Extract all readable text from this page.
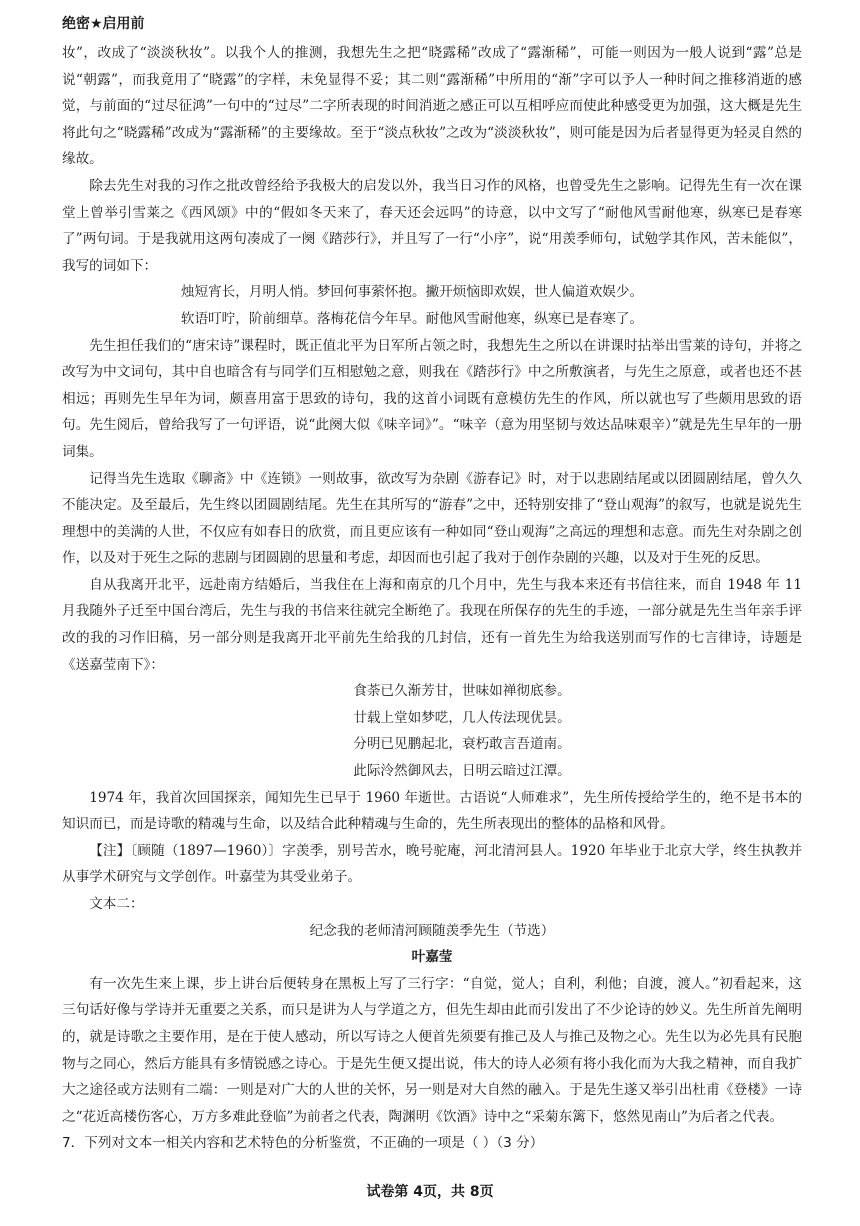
绝密★启用前

妆”，改成了“淡淡秋妆”。以我个人的推测，我想先生之把“晓露稀”改成了“露渐稀”，可能一则因为一般人说到“露”总是说“朝露”，而我竟用了“晓露”的字样，未免显得不妥；其二则“露渐稀”中所用的“渐”字可以予人一种时间之推移消逝的感觉，与前面的“过尽征鸿”一句中的“过尽”二字所表现的时间消逝之感正可以互相呼应而使此种感受更为加强，这大概是先生将此句之“晓露稀”改成为“露渐稀”的主要缘故。至于“淡点秋妆”之改为“淡淡秋妆”，则可能是因为后者显得更为轻灵自然的缘故。

除去先生对我的习作之批改曾经给予我极大的启发以外，我当日习作的风格，也曾受先生之影响。记得先生有一次在课堂上曾举引雪莱之《西风颂》中的“假如冬天来了，春天还会远吗”的诗意，以中文写了“耐他风雪耐他寒，纵寒已是春寒了”两句词。于是我就用这两句凑成了一阕《踏莎行》，并且写了一行“小序”，说“用羡季师句，试勉学其作风，苦未能似”，我写的词如下：

烛短宵长，月明人悄。梦回何事萦怀抱。撇开烦恼即欢娱，世人偏道欢娱少。

软语叮咛，阶前细草。落梅花信今年早。耐他风雪耐他寒，纵寒已是春寒了。

先生担任我们的“唐宋诗”课程时，既正值北平为日军所占领之时，我想先生之所以在讲课时拈举出雪莱的诗句，并将之改写为中文词句，其中自也暗含有与同学们互相慰勉之意，则我在《踏莎行》中之所敷演者，与先生之原意，或者也还不甚相远；再则先生早年为词，颇喜用富于思致的诗句，我的这首小词既有意模仿先生的作风，所以就也写了些颇用思致的语句。先生阅后，曾给我写了一句评语，说“此阕大似《味辛词》”。“味辛（意为用坚韧与效达品味艰辛）”就是先生早年的一册词集。

记得当先生选取《聊斋》中《连锁》一则故事，欲改写为杂剧《游春记》时，对于以悲剧结尾或以团圆剧结尾，曾久久不能决定。及至最后，先生终以团圆剧结尾。先生在其所写的“游春”之中，还特别安排了“登山观海”的叙写，也就是说先生理想中的美满的人世，不仅应有如春日的欣赏，而且更应该有一种如同“登山观海”之高远的理想和志意。而先生对杂剧之创作，以及对于死生之际的悲剧与团圆剧的思量和考虑，却因而也引起了我对于创作杂剧的兴趣，以及对于生死的反思。

自从我离开北平，远赴南方结婚后，当我住在上海和南京的几个月中，先生与我本来还有书信往来，而自 1948 年 11 月我随外子迁至中国台湾后，先生与我的书信来往就完全断绝了。我现在所保存的先生的手迹，一部分就是先生当年亲手评改的我的习作旧稿，另一部分则是我离开北平前先生给我的几封信，还有一首先生为给我送别而写作的七言律诗，诗题是《送嘉莹南下》：

食荼已久渐芳甘，世味如禅彻底参。

廿载上堂如梦呓，几人传法现优昙。

分明已见鹏起北，衰朽敢言吾道南。

此际泠然御风去，日明云暗过江潭。

1974 年，我首次回国探亲，闻知先生已早于 1960 年逝世。古语说“人师难求”，先生所传授给学生的，绝不是书本的知识而已，而是诗歌的精魂与生命，以及结合此种精魂与生命的，先生所表现出的整体的品格和风骨。

【注】〔顾随（1897—1960）〕字羡季，别号苦水，晚号驼庵，河北清河县人。1920 年毕业于北京大学，终生执教并从事学术研究与文学创作。叶嘉莹为其受业弟子。

文本二：

纪念我的老师清河顾随羡季先生（节选）

叶嘉莹

有一次先生来上课，步上讲台后便转身在黑板上写了三行字：“自觉，觉人；自利，利他；自渡，渡人。”初看起来，这三句话好像与学诗并无重要之关系，而只是讲为人与学道之方，但先生却由此而引发出了不少论诗的妙义。先生所首先阐明的，就是诗歌之主要作用，是在于使人感动，所以写诗之人便首先须要有推己及人与推己及物之心。先生以为必先具有民胞物与之同心，然后方能具有多情锐感之诗心。于是先生便又提出说，伟大的诗人必须有将小我化而为大我之精神，而自我扩大之途径或方法则有二端：一则是对广大的人世的关怀，另一则是对大自然的融入。于是先生遂又举引出杜甫《登楼》一诗之“花近高楼伤客心，万方多难此登临”为前者之代表，陶渊明《饮酒》诗中之“采菊东篱下，悠然见南山”为后者之代表。

7．下列对文本一相关内容和艺术特色的分析鉴赏，不正确的一项是（ ）（3 分）

试卷第 4页，共 8页
